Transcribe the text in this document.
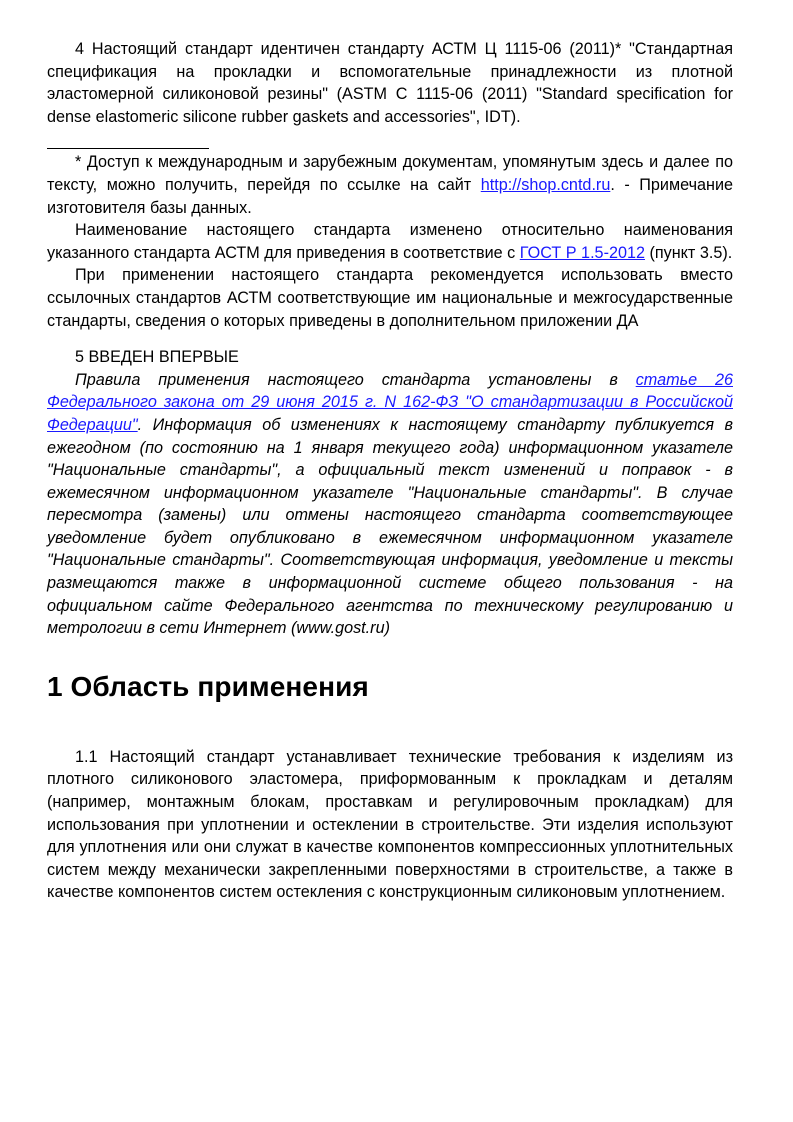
4 Настоящий стандарт идентичен стандарту АСТМ Ц 1115-06 (2011)* "Стандартная спецификация на прокладки и вспомогательные принадлежности из плотной эластомерной силиконовой резины" (ASTM C 1115-06 (2011) "Standard specification for dense elastomeric silicone rubber gaskets and accessories", IDT).

* Доступ к международным и зарубежным документам, упомянутым здесь и далее по тексту, можно получить, перейдя по ссылке на сайт http://shop.cntd.ru. - Примечание изготовителя базы данных.

Наименование настоящего стандарта изменено относительно наименования указанного стандарта АСТМ для приведения в соответствие с ГОСТ Р 1.5-2012 (пункт 3.5).

При применении настоящего стандарта рекомендуется использовать вместо ссылочных стандартов АСТМ соответствующие им национальные и межгосударственные стандарты, сведения о которых приведены в дополнительном приложении ДА

5 ВВЕДЕН ВПЕРВЫЕ

Правила применения настоящего стандарта установлены в статье 26 Федерального закона от 29 июня 2015 г. N 162-ФЗ "О стандартизации в Российской Федерации". Информация об изменениях к настоящему стандарту публикуется в ежегодном (по состоянию на 1 января текущего года) информационном указателе "Национальные стандарты", а официальный текст изменений и поправок - в ежемесячном информационном указателе "Национальные стандарты". В случае пересмотра (замены) или отмены настоящего стандарта соответствующее уведомление будет опубликовано в ежемесячном информационном указателе "Национальные стандарты". Соответствующая информация, уведомление и тексты размещаются также в информационной системе общего пользования - на официальном сайте Федерального агентства по техническому регулированию и метрологии в сети Интернет (www.gost.ru)

1 Область применения

1.1 Настоящий стандарт устанавливает технические требования к изделиям из плотного силиконового эластомера, приформованным к прокладкам и деталям (например, монтажным блокам, проставкам и регулировочным прокладкам) для использования при уплотнении и остеклении в строительстве. Эти изделия используют для уплотнения или они служат в качестве компонентов компрессионных уплотнительных систем между механически закрепленными поверхностями в строительстве, а также в качестве компонентов систем остекления с конструкционным силиконовым уплотнением.
